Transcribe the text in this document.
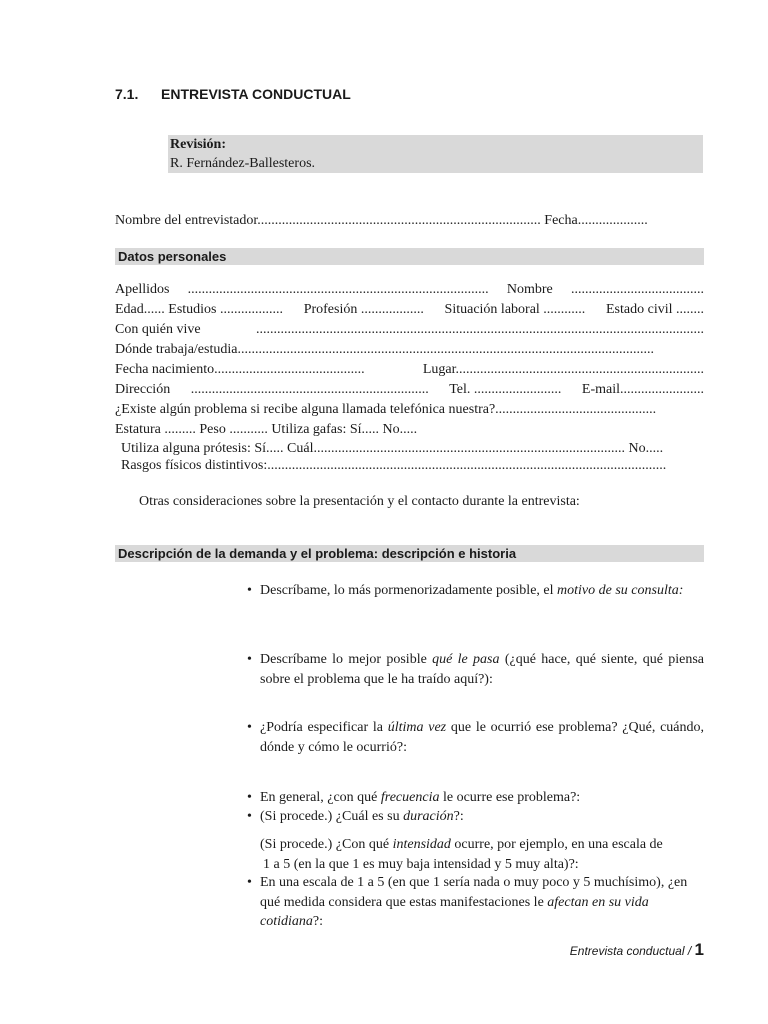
7.1. ENTREVISTA CONDUCTUAL
Revisión:
R. Fernández-Ballesteros.
Nombre del entrevistador................................................................................. Fecha....................
Datos personales
Apellidos ...................................................................................... Nombre ......................................
Edad...... Estudios .................. Profesión .................. Situación laboral ............ Estado civil ........
Con quién vive	................................................................................................................................
Dónde trabaja/estudia.......................................................................................................................
Fecha nacimiento...........................................	Lugar.......................................................................
Dirección .................................................................... Tel. ......................... E-mail........................
¿Existe algún problema si recibe alguna llamada telefónica nuestra?..............................................
Estatura ......... Peso ........... Utiliza gafas: Sí..... No.....
Utiliza alguna prótesis: Sí..... Cuál......................................................................................... No.....
Rasgos físicos distintivos:..................................................................................................................
Otras consideraciones sobre la presentación y el contacto durante la entrevista:
Descripción de la demanda y el problema: descripción e historia
• Descríbame, lo más pormenorizadamente posible, el motivo de su consulta:
• Descríbame lo mejor posible qué le pasa (¿qué hace, qué siente, qué piensa sobre el problema que le ha traído aquí?):
• ¿Podría especificar la última vez que le ocurrió ese problema? ¿Qué, cuándo, dónde y cómo le ocurrió?:
• En general, ¿con qué frecuencia le ocurre ese problema?:
• (Si procede.) ¿Cuál es su duración?:
(Si procede.) ¿Con qué intensidad ocurre, por ejemplo, en una escala de
1 a 5 (en la que 1 es muy baja intensidad y 5 muy alta)?:
• En una escala de 1 a 5 (en que 1 sería nada o muy poco y 5 muchísimo), ¿en qué medida considera que estas manifestaciones le afectan en su vida cotidiana?:
Entrevista conductual / 1
